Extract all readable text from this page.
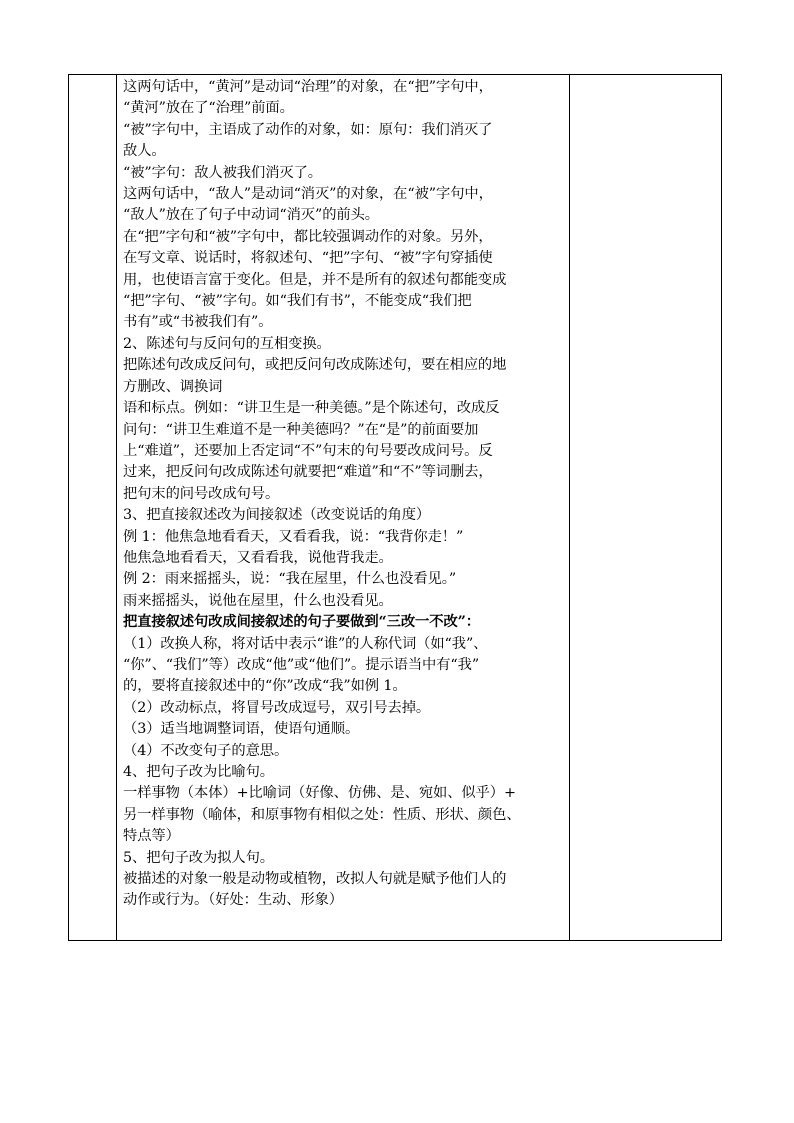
这两句话中，“黄河”是动词“治理”的对象，在“把”字句中，
“黄河”放在了“治理”前面。
“被”字句中，主语成了动作的对象，如：原句：我们消灭了
敌人。
“被”字句：敌人被我们消灭了。
这两句话中，“敌人”是动词“消灭”的对象，在“被”字句中，
“敌人”放在了句子中动词“消灭”的前头。
在“把”字句和“被”字句中，都比较强调动作的对象。另外，
在写文章、说话时，将叙述句、“把”字句、“被”字句穿插使
用，也使语言富于变化。但是，并不是所有的叙述句都能变成
“把”字句、“被”字句。如“我们有书”，不能变成“我们把
书有”或“书被我们有”。
2、陈述句与反问句的互相变换。
把陈述句改成反问句，或把反问句改成陈述句，要在相应的地
方删改、调换词
语和标点。例如：“讲卫生是一种美德。”是个陈述句，改成反
问句：“讲卫生难道不是一种美德吗？”在“是”的前面要加
上“难道”，还要加上否定词“不”句末的句号要改成问号。反
过来，把反问句改成陈述句就要把“难道”和“不”等词删去，
把句末的问号改成句号。
3、把直接叙述改为间接叙述（改变说话的角度）
例 1：他焦急地看看天，又看看我，说：“我背你走！”
他焦急地看看天，又看看我，说他背我走。
例 2：雨来摇摇头，说：“我在屋里，什么也没看见。”
雨来摇摇头，说他在屋里，什么也没看见。
把直接叙述句改成间接叙述的句子要做到“三改一不改”：
（1）改换人称，将对话中表示“谁”的人称代词（如“我”、
“你”、“我们”等）改成“他”或“他们”。提示语当中有“我”
的，要将直接叙述中的“你”改成“我”如例 1。
（2）改动标点，将冒号改成逗号，双引号去掉。
（3）适当地调整词语，使语句通顺。
（4）不改变句子的意思。
4、把句子改为比喻句。
一样事物（本体）+比喻词（好像、仿佛、是、宛如、似乎）+
另一样事物（喻体，和原事物有相似之处：性质、形状、颜色、
特点等）
5、把句子改为拟人句。
被描述的对象一般是动物或植物，改拟人句就是赋予他们人的
动作或行为。（好处：生动、形象）
